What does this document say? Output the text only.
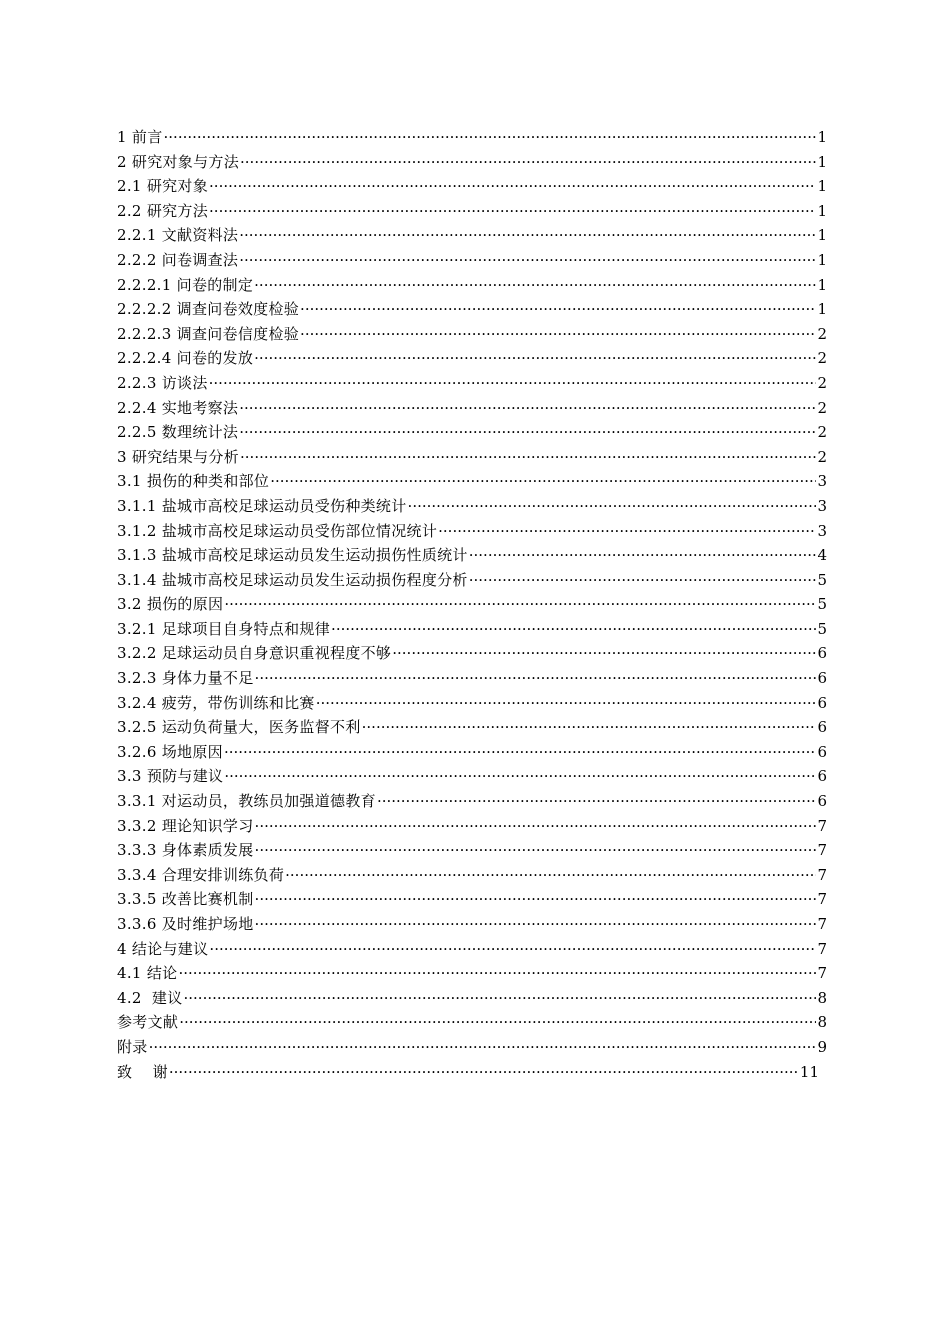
1 前言 ·····	1
2 研究对象与方法 ·····	1
2.1 研究对象 ·····	1
2.2 研究方法 ·····	1
2.2.1 文献资料法 ·····	1
2.2.2 问卷调查法 ·····	1
2.2.2.1 问卷的制定 ·····	1
2.2.2.2 调查问卷效度检验 ·····	1
2.2.2.3 调查问卷信度检验 ·····	2
2.2.2.4 问卷的发放 ·····	2
2.2.3 访谈法 ·····	2
2.2.4 实地考察法 ·····	2
2.2.5 数理统计法 ·····	2
3 研究结果与分析 ·····	2
3.1 损伤的种类和部位 ·····	3
3.1.1 盐城市高校足球运动员受伤种类统计 ·····	3
3.1.2 盐城市高校足球运动员受伤部位情况统计 ·····	3
3.1.3 盐城市高校足球运动员发生运动损伤性质统计 ·····	4
3.1.4 盐城市高校足球运动员发生运动损伤程度分析 ·····	5
3.2 损伤的原因 ·····	5
3.2.1 足球项目自身特点和规律 ·····	5
3.2.2 足球运动员自身意识重视程度不够 ·····	6
3.2.3 身体力量不足 ·····	6
3.2.4 疲劳，带伤训练和比赛 ·····	6
3.2.5 运动负荷量大，医务监督不利 ·····	6
3.2.6 场地原因 ·····	6
3.3 预防与建议 ·····	6
3.3.1 对运动员，教练员加强道德教育 ·····	6
3.3.2 理论知识学习 ·····	7
3.3.3 身体素质发展 ·····	7
3.3.4 合理安排训练负荷 ·····	7
3.3.5 改善比赛机制 ·····	7
3.3.6 及时维护场地 ·····	7
4 结论与建议 ·····	7
4.1 结论 ·····	7
4.2  建议 ·····	8
参考文献 ·····	8
附录 ·····	9
致    谢 ·····	11
